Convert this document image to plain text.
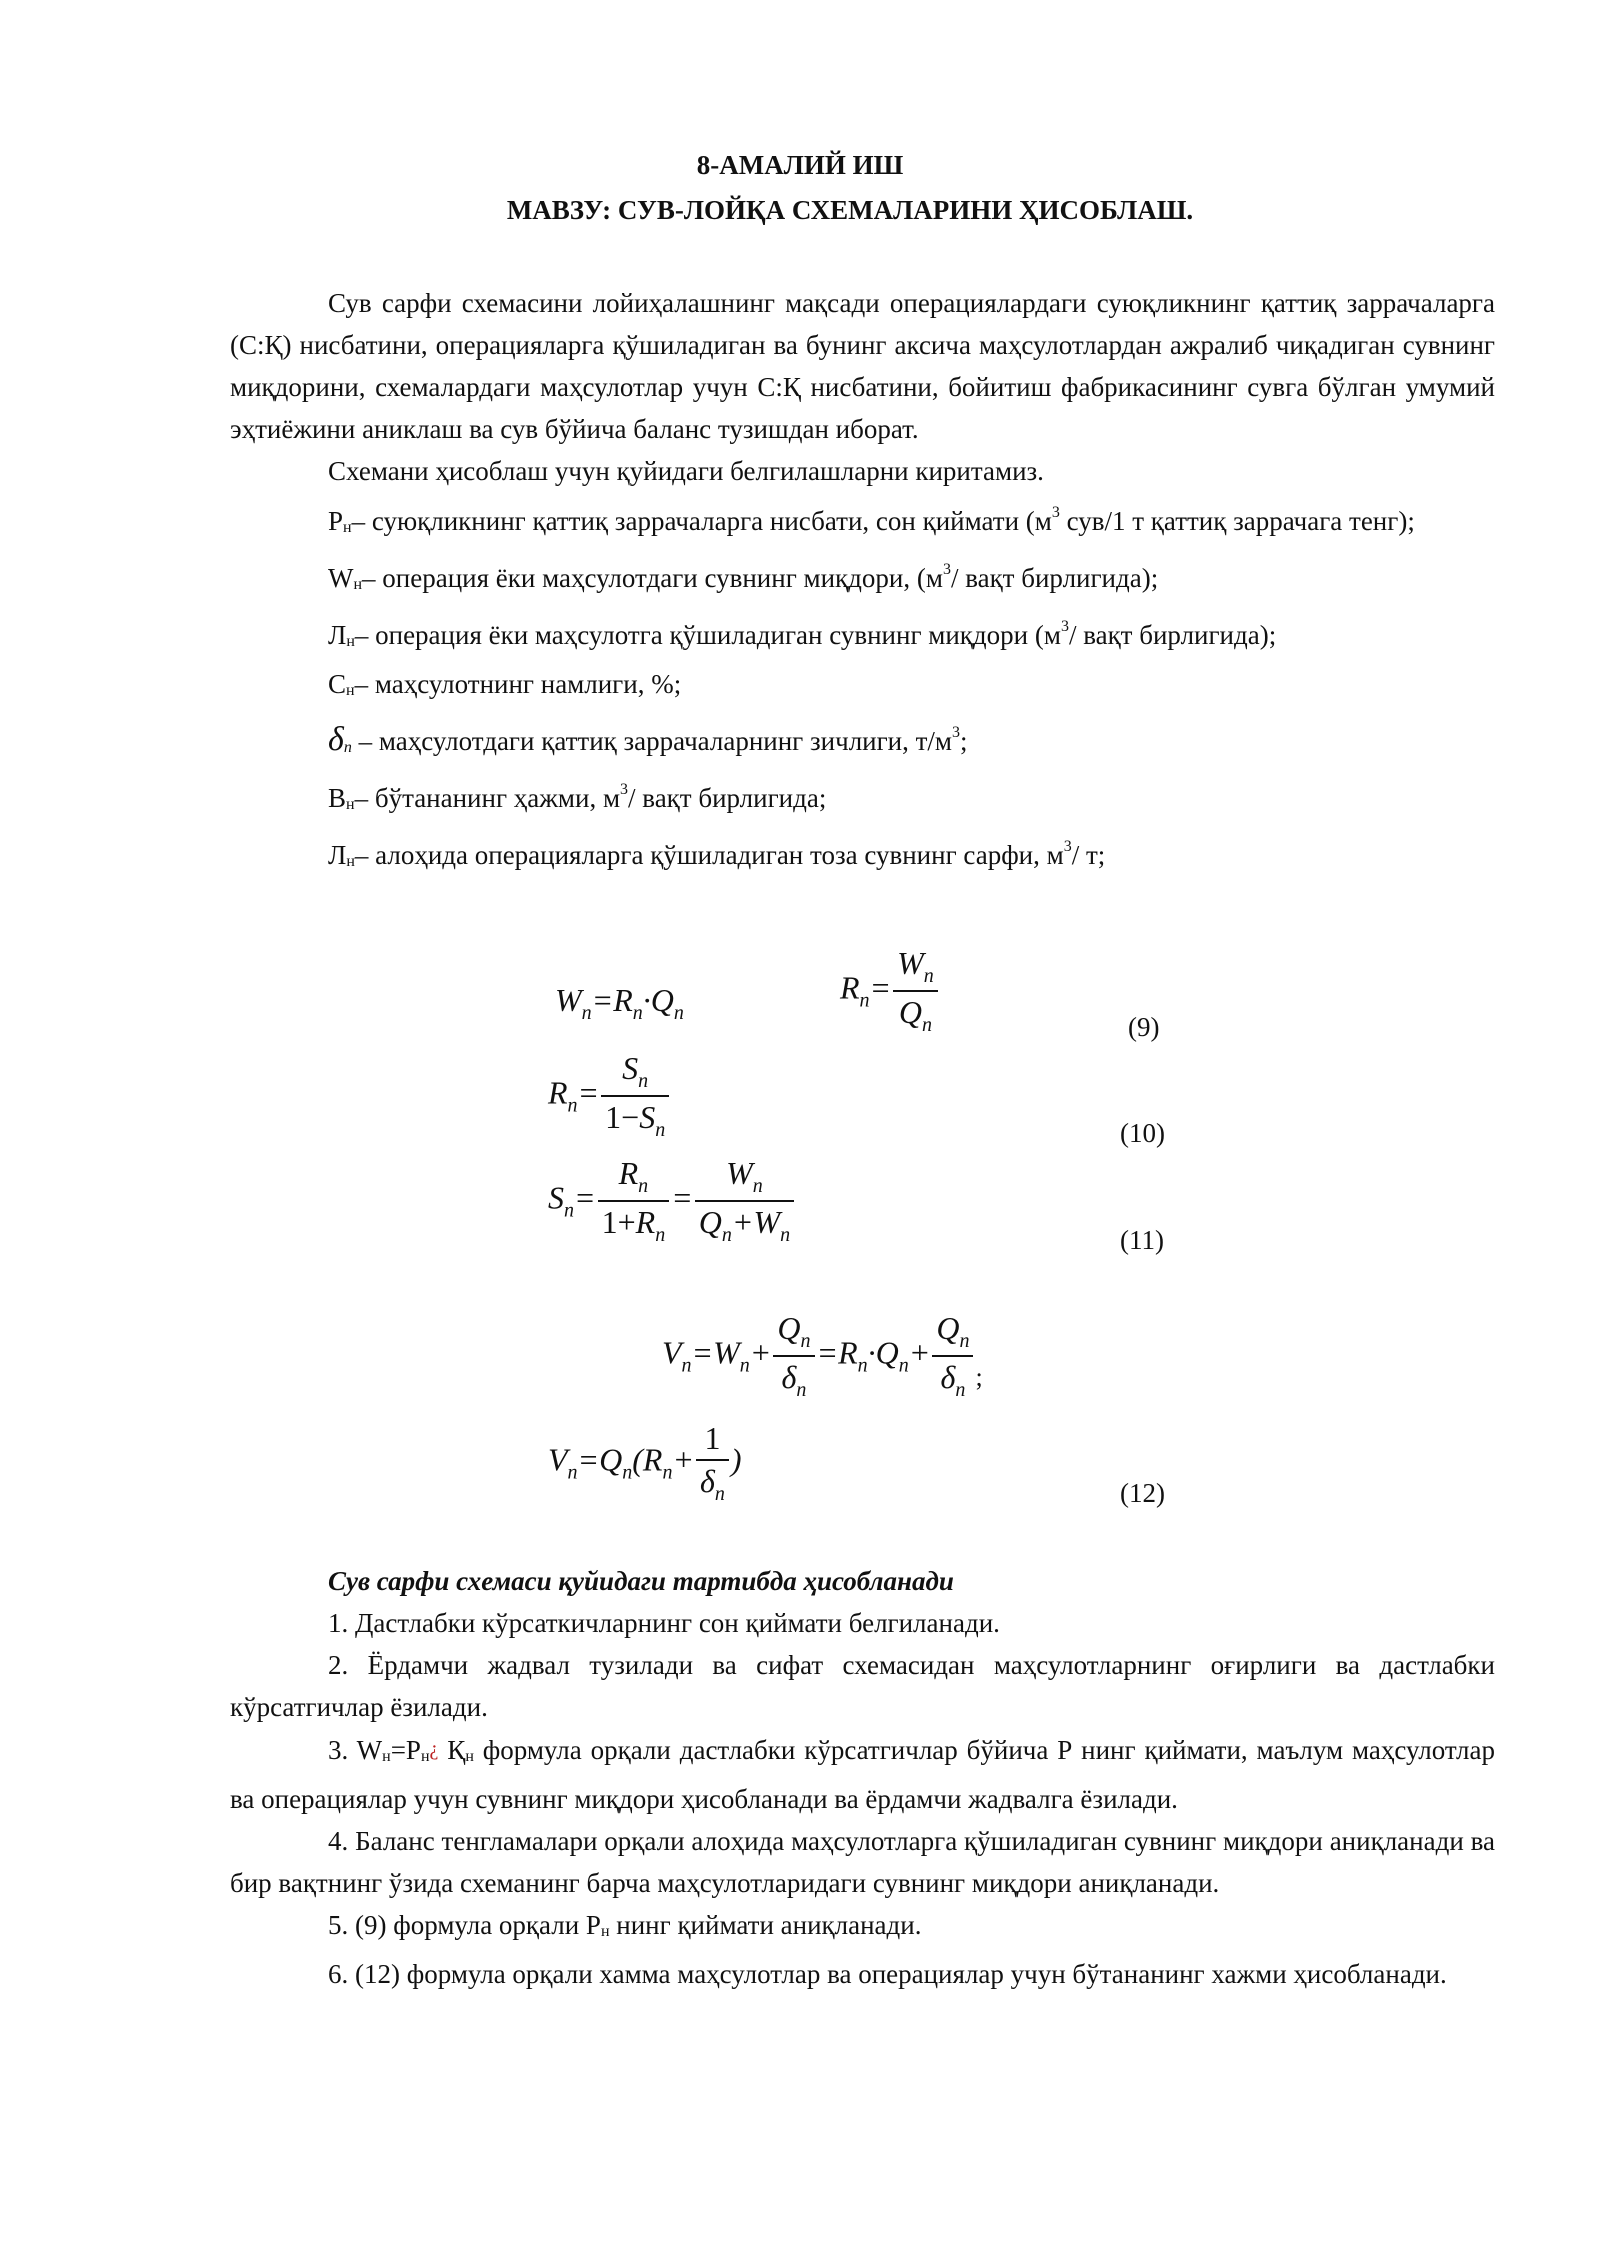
8-АМАЛИЙ ИШ
МАВЗУ: СУВ-ЛОЙҚА СХЕМАЛАРИНИ ҲИСОБЛАШ.

Сув сарфи схемасини лойиҳалашнинг мақсади операциялардаги суюқликнинг қаттиқ заррачаларга (С:Қ) нисбатини, операцияларга қўшиладиган ва бунинг аксича маҳсулотлардан ажралиб чиқадиган сувнинг миқдорини, схемалардаги маҳсулотлар учун С:Қ нисбатини, бойитиш фабрикасининг сувга бўлган умумий эҳтиёжини аниклаш ва сув бўйича баланс тузишдан иборат.

Схемани ҳисоблаш учун қуйидаги белгилашларни киритамиз.

Рн– суюқликнинг қаттиқ заррачаларга нисбати, сон қиймати ($м^3$ сув/1 т қаттиқ заррачага тенг);

Wн– операция ёки маҳсулотдаги сувнинг миқдори, ($м^3/$ вақт бирлигида);

Лн– операция ёки маҳсулотга қўшиладиган сувнинг миқдори ($м^3/$ вақт бирлигида);

Сн– маҳсулотнинг намлиги, %;

δn – маҳсулотдаги қаттиқ заррачаларнинг зичлиги, $т/м^3$;

Вн– бўтананинг ҳажми, $м^3/$ вақт бирлигида;

Лн– алоҳида операцияларга қўшиладиган тоза сувнинг сарфи, $м^3/$ т;

$W_n=R_n\cdot Q_n$
$R_n= \frac{W_n}{Q_n}$	(9)
$R_n= \frac{S_n}{1-S_n}$	(10)
$S_n= \frac{R_n}{1+R_n} = \frac{W_n}{Q_n+W_n}$	(11)
$V_n=W_n+ \frac{Q_n}{\delta_n} =R_n\cdot Q_n+ \frac{Q_n}{\delta_n} _;$
$V_n=Q_n(R_n+ \frac{1}{\delta_n}$ )
(12)

Сув сарфи схемаси қуйидаги тартибда ҳисобланади

1. Дастлабки кўрсаткичларнинг сон қиймати белгиланади.

2. Ёрдамчи жадвал тузилади ва сифат схемасидан маҳсулотларнинг оғирлиги ва дастлабки кўрсатгичлар ёзилади.

3. Wн=Рн¿ Қн формула орқали дастлабки кўрсатгичлар бўйича Р нинг қиймати, маълум маҳсулотлар ва операциялар учун сувнинг миқдори ҳисобланади ва ёрдамчи жадвалга ёзилади.

4. Баланс тенгламалари орқали алоҳида маҳсулотларга қўшиладиган сувнинг миқдори аниқланади ва бир вақтнинг ўзида схеманинг барча маҳсулотларидаги сувнинг миқдори аниқланади.

5. (9) формула орқали Рн нинг қиймати аниқланади.

6. (12) формула орқали хамма маҳсулотлар ва операциялар учун бўтананинг хажми ҳисобланади.
